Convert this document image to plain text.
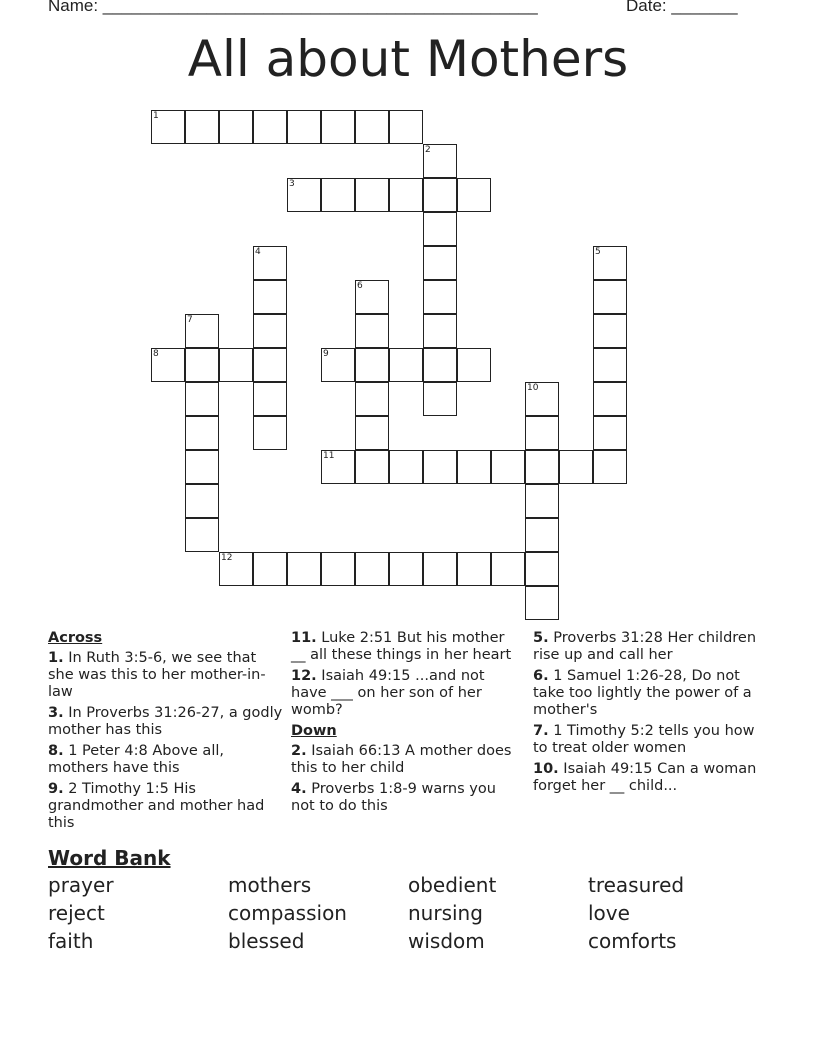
Name: ______________________________________________	Date: _______
All about Mothers
1
2
3
4	5
6
7
8	9
10
11
12
Across
1. In Ruth 3:5-6, we see that she was this to her mother-in-law
3. In Proverbs 31:26-27, a godly mother has this
8. 1 Peter 4:8 Above all, mothers have this
9. 2 Timothy 1:5 His grandmother and mother had this
11. Luke 2:51 But his mother __ all these things in her heart
12. Isaiah 49:15 ...and not have ___ on her son of her womb?
Down
2. Isaiah 66:13 A mother does this to her child
4. Proverbs 1:8-9 warns you not to do this
5. Proverbs 31:28 Her children rise up and call her
6. 1 Samuel 1:26-28, Do not take too lightly the power of a mother's
7. 1 Timothy 5:2 tells you how to treat older women
10. Isaiah 49:15 Can a woman forget her __ child...
Word Bank
prayer	mothers	obedient	treasured
reject	compassion	nursing	love
faith	blessed	wisdom	comforts
